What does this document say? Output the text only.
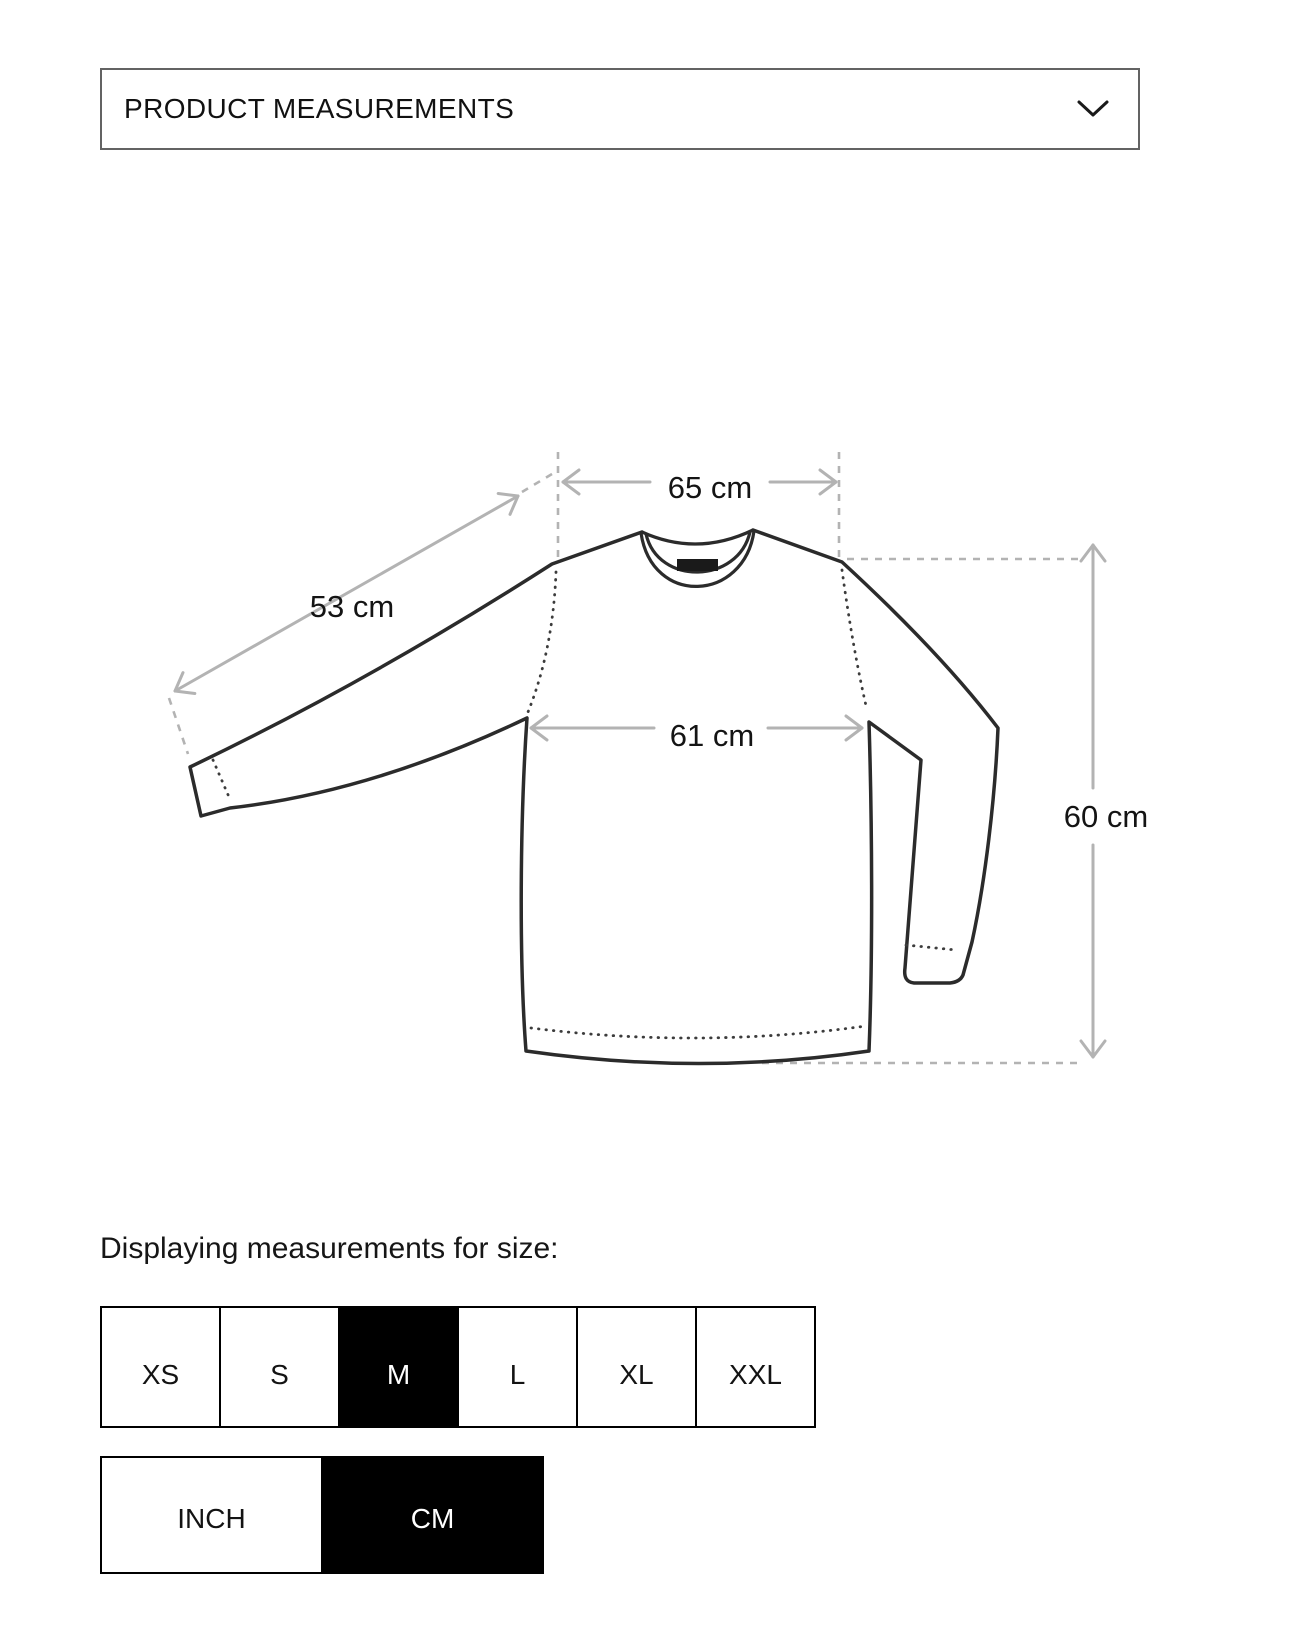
PRODUCT MEASUREMENTS
65 cm
53 cm
61 cm
60 cm
Displaying measurements for size:
XS	S	M	L	XL	XXL
INCH	CM
